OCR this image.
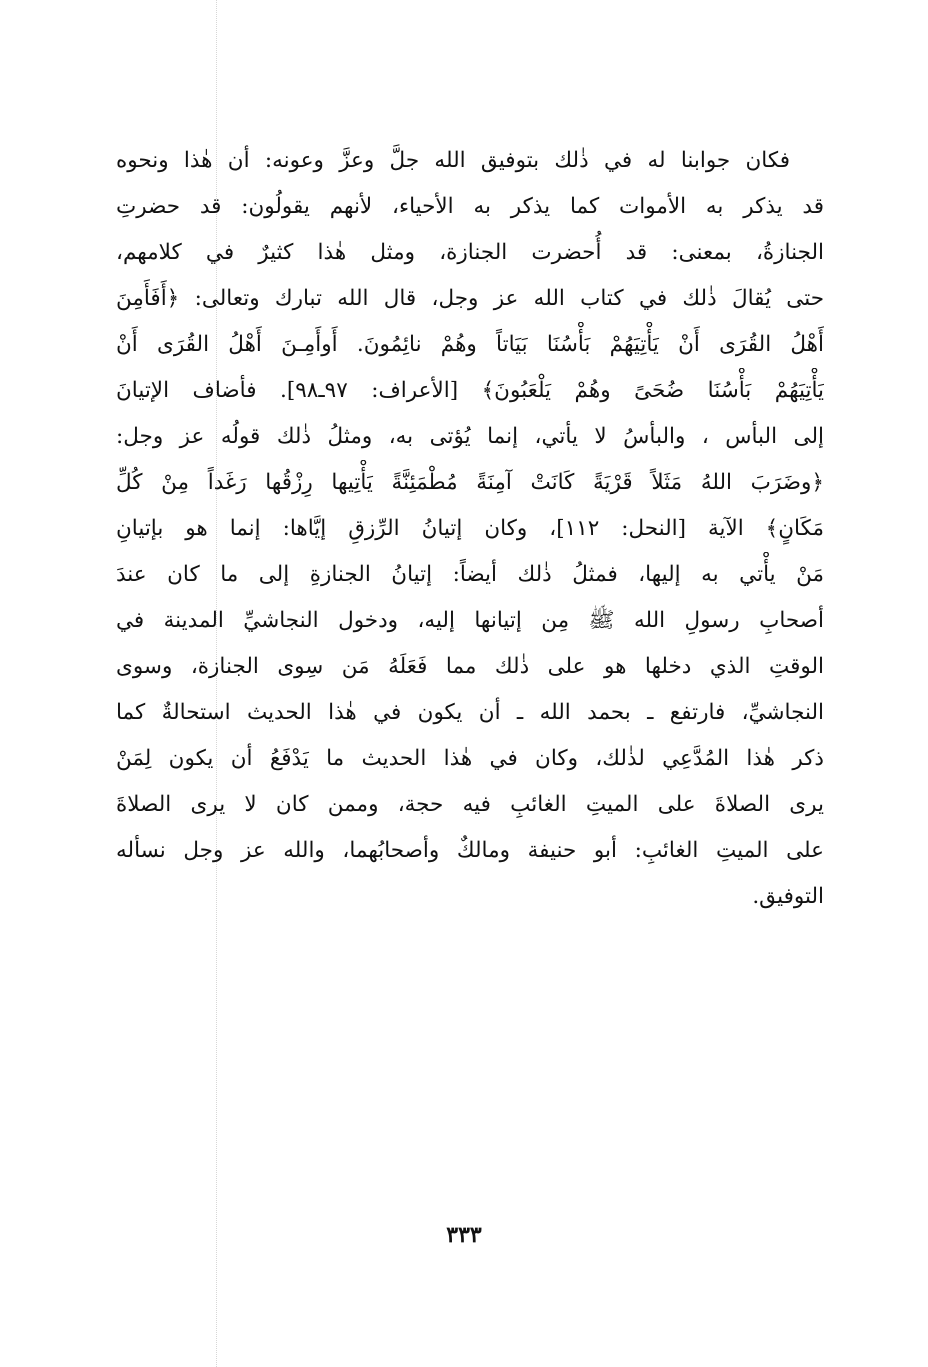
فكان جوابنا له في ذٰلك بتوفيق الله جلَّ وعزَّ وعونه: أن هٰذا ونحوه
قد يذكر به الأموات كما يذكر به الأحياء، لأنهم يقولُون: قد حضرتِ
الجنازةُ، بمعنى: قد أُحضرت الجنازة، ومثل هٰذا كثيرٌ في كلامهم،
حتى يُقالَ ذٰلك في كتاب الله عز وجل، قال الله تبارك وتعالى: ﴿أَفَأَمِنَ
أَهْلُ القُرَى أَنْ يَأْتِيَهُمْ بَأْسُنَا بَيَاتاً وهُمْ نائِمُونَ. أَوأَمِـنَ أَهْلُ القُرَى أَنْ
يَأْتِيَهُمْ بَأْسُنَا ضُحَىً وهُمْ يَلْعَبُونَ﴾ [الأعراف: ٩٧ـ٩٨]. فأضاف الإتيانَ
إلى البأس ، والبأسُ لا يأتي، إنما يُؤتى به، ومثلُ ذٰلك قولُه عز وجل:
﴿وضَرَبَ اللهُ مَثَلاً قَرْيَةً كَانَتْ آمِنَةً مُطْمَئِنَّةً يَأْتِيها رِزْقُها رَغَداً مِنْ كُلِّ
مَكَانٍ﴾ الآية [النحل: ١١٢]، وكان إتيانُ الرِّزقِ إيَّاها: إنما هو بإتيانِ
مَنْ يأْتي به إليها، فمثلُ ذٰلك أيضاً: إتيانُ الجنازةِ إلى ما كان عندَ
أصحابِ رسولِ الله ﷺ مِن إتيانها إليه، ودخول النجاشيِّ المدينة في
الوقتِ الذي دخلها هو على ذٰلك مما فَعَلَهُ مَن سِوى الجنازة، وسوى
النجاشيِّ، فارتفع ـ بحمد الله ـ أن يكون في هٰذا الحديث استحالةٌ كما
ذكر هٰذا المُدَّعِي لذٰلك، وكان في هٰذا الحديث ما يَدْفَعُ أن يكون لِمَنْ
يرى الصلاةَ على الميتِ الغائبِ فيه حجة، وممن كان لا يرى الصلاةَ
على الميتِ الغائبِ: أبو حنيفة ومالكٌ وأصحابُهما، والله عز وجل نسأله
التوفيق.
٣٣٣
